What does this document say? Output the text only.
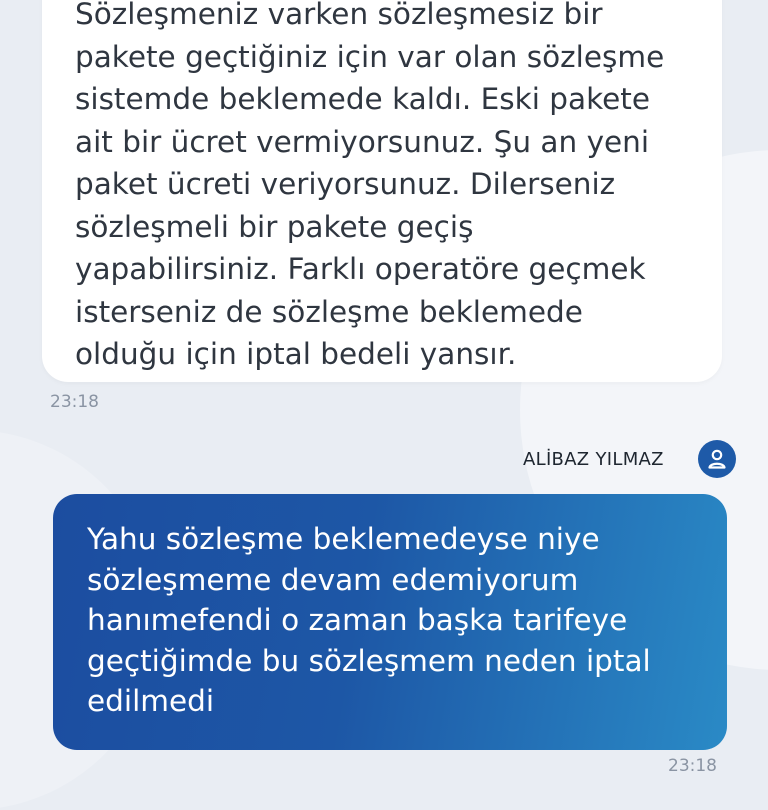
Sözleşmeniz varken sözleşmesiz bir
pakete geçtiğiniz için var olan sözleşme
sistemde beklemede kaldı. Eski pakete
ait bir ücret vermiyorsunuz. Şu an yeni
paket ücreti veriyorsunuz. Dilerseniz
sözleşmeli bir pakete geçiş
yapabilirsiniz. Farklı operatöre geçmek
isterseniz de sözleşme beklemede
olduğu için iptal bedeli yansır.

23:18
ALİBAZ YILMAZ

Yahu sözleşme beklemedeyse niye
sözleşmeme devam edemiyorum
hanımefendi o zaman başka tarifeye
geçtiğimde bu sözleşmem neden iptal
edilmedi

23:18
